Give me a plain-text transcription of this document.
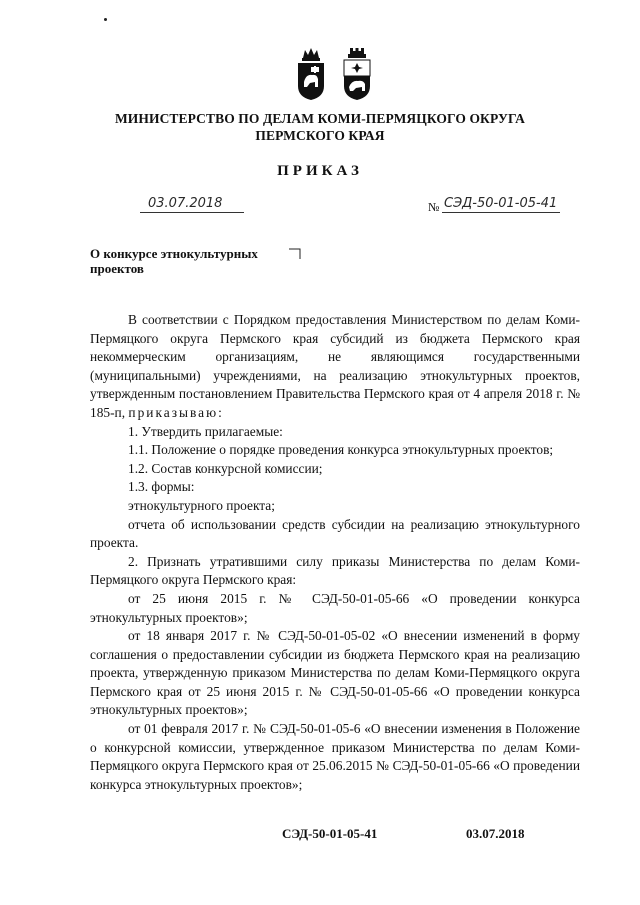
МИНИСТЕРСТВО ПО ДЕЛАМ КОМИ-ПЕРМЯЦКОГО ОКРУГА
ПЕРМСКОГО КРАЯ
ПРИКАЗ
03.07.2018	№ СЭД-50-01-05-41
О конкурсе этнокультурных
проектов

В соответствии с Порядком предоставления Министерством по делам Коми-Пермяцкого округа Пермского края субсидий из бюджета Пермского края некоммерческим организациям, не являющимся государственными (муниципальными) учреждениями, на реализацию этнокультурных проектов, утвержденным постановлением Правительства Пермского края от 4 апреля 2018 г. № 185-п, приказываю:

1. Утвердить прилагаемые:

1.1. Положение о порядке проведения конкурса этнокультурных проектов;

1.2. Состав конкурсной комиссии;

1.3. формы:

этнокультурного проекта;

отчета об использовании средств субсидии на реализацию этнокультурного проекта.

2. Признать утратившими силу приказы Министерства по делам Коми-Пермяцкого округа Пермского края:

от 25 июня 2015 г. № СЭД-50-01-05-66 «О проведении конкурса этнокультурных проектов»;

от 18 января 2017 г. № СЭД-50-01-05-02 «О внесении изменений в форму соглашения о предоставлении субсидии из бюджета Пермского края на реализацию проекта, утвержденную приказом Министерства по делам Коми-Пермяцкого округа Пермского края от 25 июня 2015 г. № СЭД-50-01-05-66 «О проведении конкурса этнокультурных проектов»;

от 01 февраля 2017 г. № СЭД-50-01-05-6 «О внесении изменения в Положение о конкурсной комиссии, утвержденное приказом Министерства по делам Коми-Пермяцкого округа Пермского края от 25.06.2015 № СЭД-50-01-05-66 «О проведении конкурса этнокультурных проектов»;

СЭД-50-01-05-41	03.07.2018
